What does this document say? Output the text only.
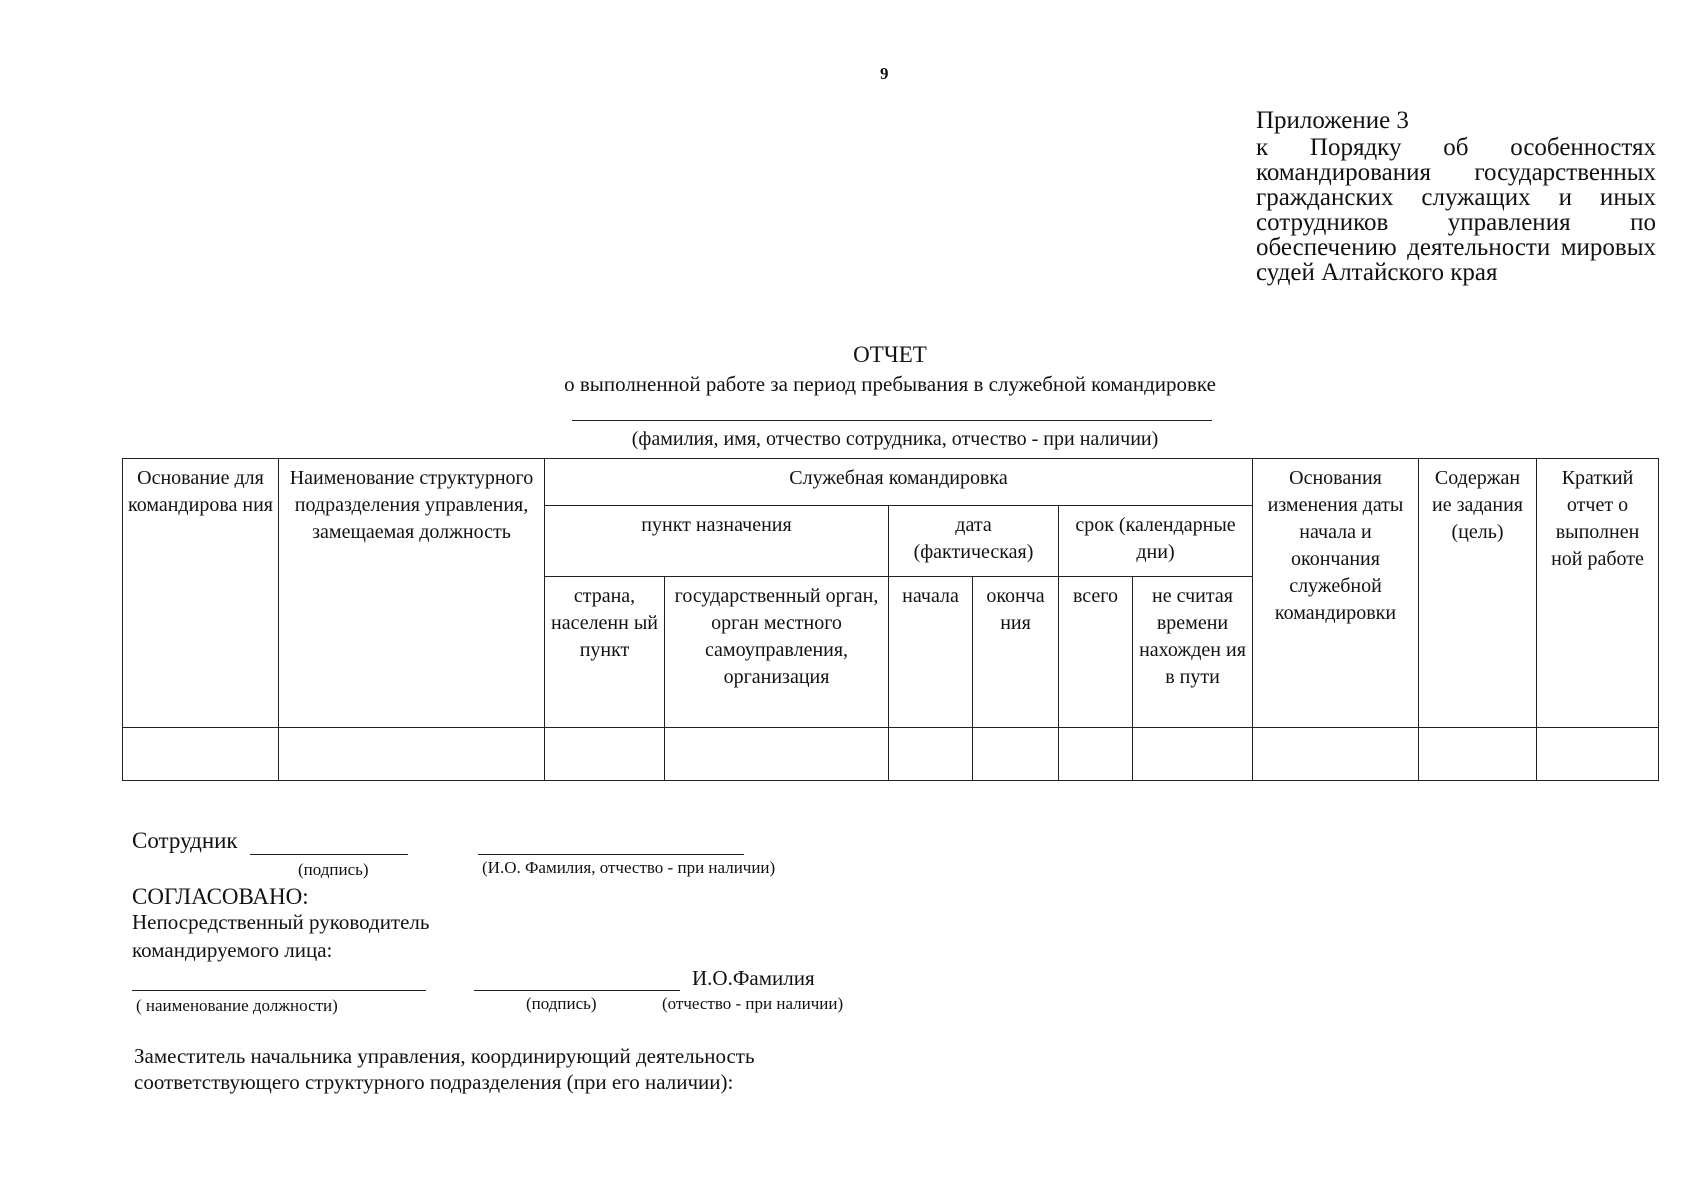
9
Приложение 3
к Порядку об особенностях командирования государственных гражданских служащих и иных сотрудников управления по обеспечению деятельности мировых судей Алтайского края
ОТЧЕТ
о выполненной работе за период пребывания в служебной командировке
(фамилия, имя, отчество сотрудника, отчество - при наличии)
Основание для командирова ния	Наименование структурного подразделения управления, замещаемая должность	Служебная командировка						Основания изменения даты начала и окончания служебной командировки	Содержан ие задания (цель)	Краткий отчет о выполнен ной работе
		пункт назначения		дата (фактическая)		срок (календарные дни)				
		страна, населенн ый пункт	государственный орган, орган местного самоуправления, организация	начала	оконча ния	всего	не считая времени нахожден ия в пути			

Сотрудник
(подпись)	(И.О. Фамилия, отчество - при наличии)
СОГЛАСОВАНО:
Непосредственный руководитель
командируемого лица:
И.О.Фамилия
( наименование должности)	(подпись)	(отчество - при наличии)
Заместитель начальника управления, координирующий деятельность
соответствующего структурного подразделения (при его наличии):
